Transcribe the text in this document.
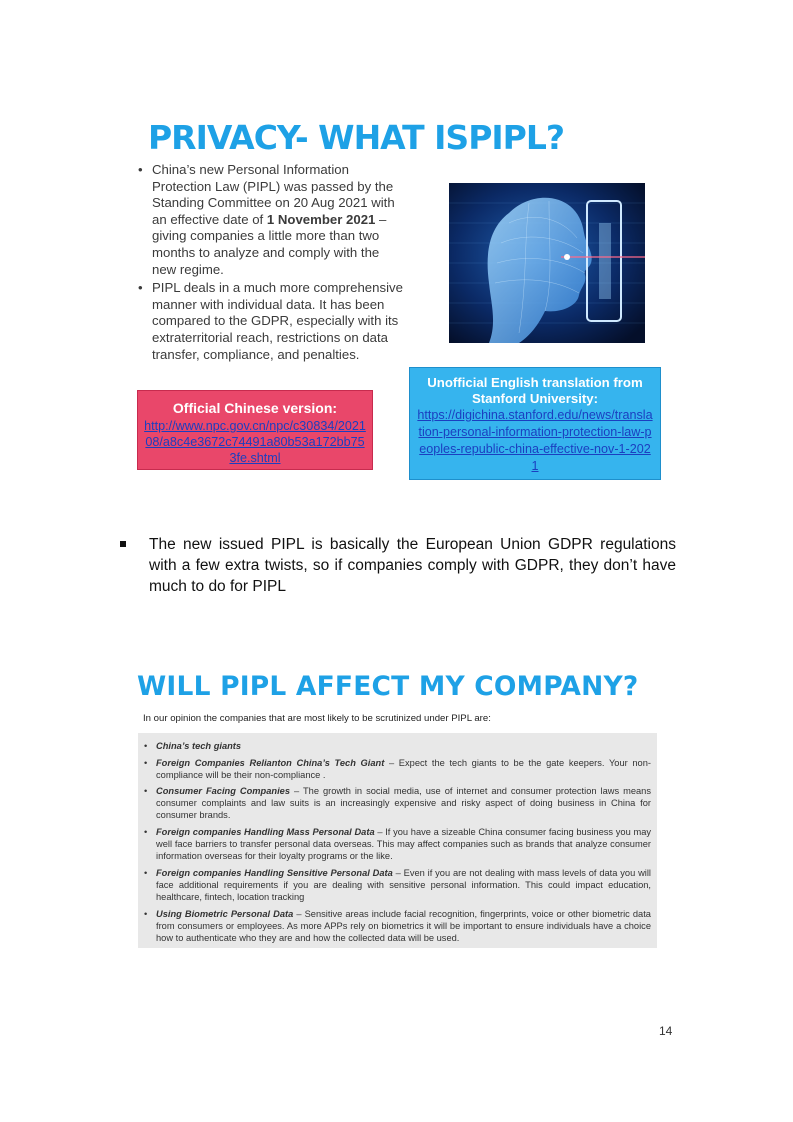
PRIVACY- WHAT ISPIPL?
• China’s new Personal Information Protection Law (PIPL) was passed by the Standing Committee on 20 Aug 2021 with an effective date of 1 November 2021 – giving companies a little more than two months to analyze and comply with the new regime.
• PIPL deals in a much more comprehensive manner with individual data. It has been compared to the GDPR, especially with its extraterritorial reach, restrictions on data transfer, compliance, and penalties.
Official Chinese version:
http://www.npc.gov.cn/npc/c30834/202108/a8c4e3672c74491a80b53a172bb753fe.shtml
Unofficial English translation from Stanford University:
https://digichina.stanford.edu/news/translation-personal-information-protection-law-peoples-republic-china-effective-nov-1-2021
The new issued PIPL is basically the European Union GDPR regulations with a few extra twists, so if companies comply with GDPR, they don’t have much to do for PIPL
WILL PIPL AFFECT MY COMPANY?
In our opinion the companies that are most likely to be scrutinized under PIPL are:
• China’s tech giants
• Foreign Companies Relianton China’s Tech Giant – Expect the tech giants to be the gate keepers. Your non-compliance will be their non-compliance .
• Consumer Facing Companies – The growth in social media, use of internet and consumer protection laws means consumer complaints and law suits is an increasingly expensive and risky aspect of doing business in China for consumer brands.
• Foreign companies Handling Mass Personal Data – If you have a sizeable China consumer facing business you may well face barriers to transfer personal data overseas. This may affect companies such as brands that analyze consumer information overseas for their loyalty programs or the like.
• Foreign companies Handling Sensitive Personal Data – Even if you are not dealing with mass levels of data you will face additional requirements if you are dealing with sensitive personal information. This could impact education, healthcare, fintech, location tracking
• Using Biometric Personal Data – Sensitive areas include facial recognition, fingerprints, voice or other biometric data from consumers or employees. As more APPs rely on biometrics it will be important to ensure individuals have a choice how to authenticate who they are and how the collected data will be used.
14
